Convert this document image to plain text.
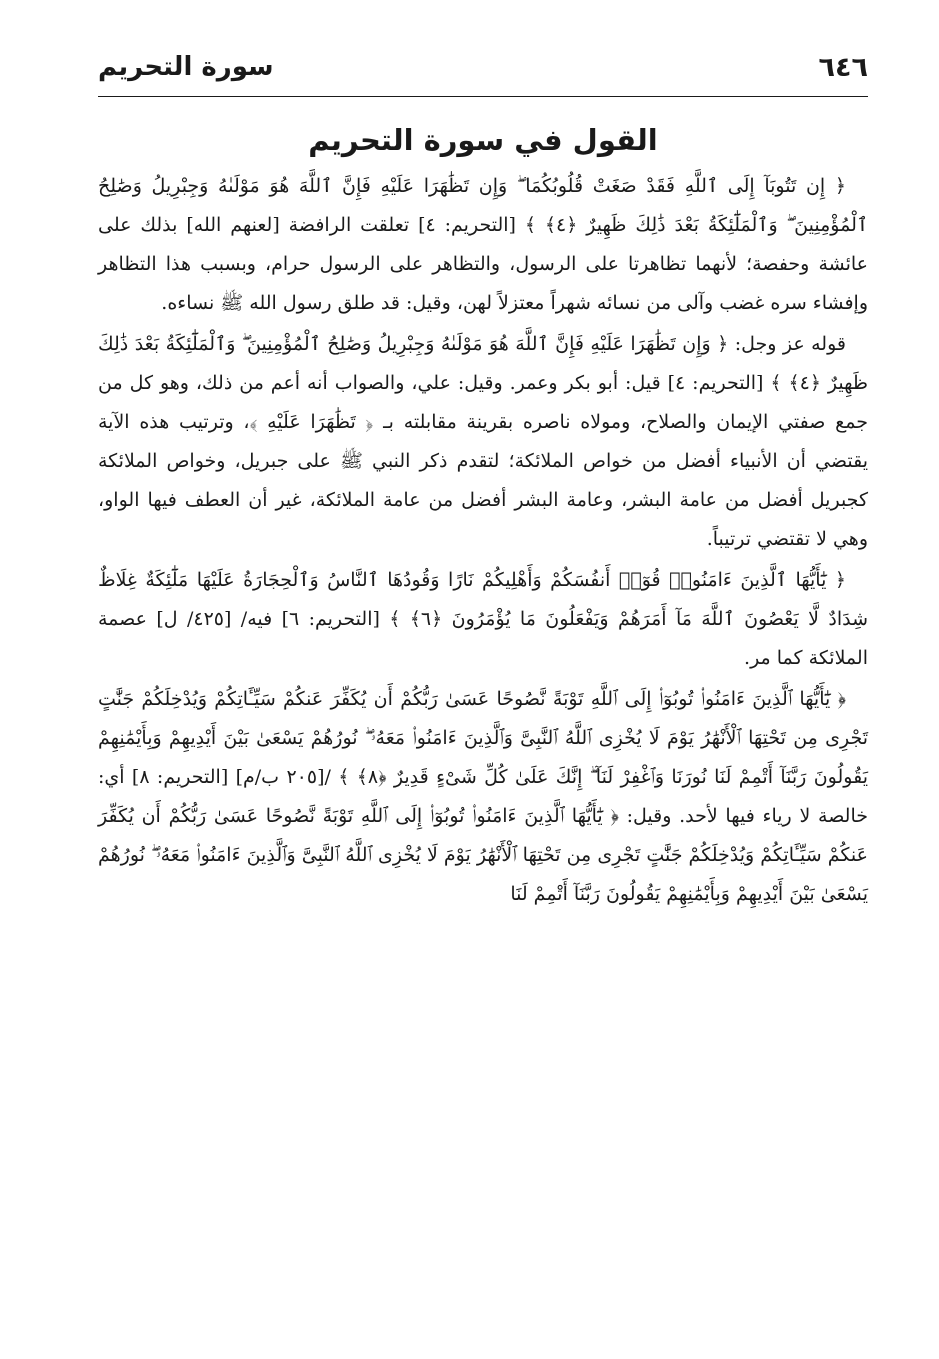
٦٤٦
سورة التحريم
القول في سورة التحريم

﴿ إِن تَتُوبَآ إِلَى ٱللَّهِ فَقَدْ صَغَتْ قُلُوبُكُمَا ۖ وَإِن تَظَٰهَرَا عَلَيْهِ فَإِنَّ ٱللَّهَ هُوَ مَوْلَىٰهُ وَجِبْرِيلُ وَصَٰلِحُ ٱلْمُؤْمِنِينَ ۖ وَٱلْمَلَٰٓئِكَةُ بَعْدَ ذَٰلِكَ ظَهِيرٌ ﴿٤﴾ ﴾ [التحريم: ٤] تعلقت الرافضة [لعنهم الله] بذلك على عائشة وحفصة؛ لأنهما تظاهرتا على الرسول، والتظاهر على الرسول حرام، وبسبب هذا التظاهر وإفشاء سره غضب وآلى من نسائه شهراً معتزلاً لهن، وقيل: قد طلق رسول الله ﷺ نساءه.

قوله عز وجل: ﴿ وَإِن تَظَٰهَرَا عَلَيْهِ فَإِنَّ ٱللَّهَ هُوَ مَوْلَىٰهُ وَجِبْرِيلُ وَصَٰلِحُ ٱلْمُؤْمِنِينَ ۖ وَٱلْمَلَٰٓئِكَةُ بَعْدَ ذَٰلِكَ ظَهِيرٌ ﴿٤﴾ ﴾ [التحريم: ٤] قيل: أبو بكر وعمر. وقيل: علي، والصواب أنه أعم من ذلك، وهو كل من جمع صفتي الإيمان والصلاح، ومولاه ناصره بقرينة مقابلته بـ ﴿ تَظَٰهَرَا عَلَيْهِ ﴾، وترتيب هذه الآية يقتضي أن الأنبياء أفضل من خواص الملائكة؛ لتقدم ذكر النبي ﷺ على جبريل، وخواص الملائكة كجبريل أفضل من عامة البشر، وعامة البشر أفضل من عامة الملائكة، غير أن العطف فيها الواو، وهي لا تقتضي ترتيباً.

﴿ يَٰٓأَيُّهَا ٱلَّذِينَ ءَامَنُوا۟ قُوٓا۟ أَنفُسَكُمْ وَأَهْلِيكُمْ نَارًا وَقُودُهَا ٱلنَّاسُ وَٱلْحِجَارَةُ عَلَيْهَا مَلَٰٓئِكَةٌ غِلَاظٌ شِدَادٌ لَّا يَعْصُونَ ٱللَّهَ مَآ أَمَرَهُمْ وَيَفْعَلُونَ مَا يُؤْمَرُونَ ﴿٦﴾ ﴾ [التحريم: ٦] فيه/ [٤٢٥/ ل] عصمة الملائكة كما مر.

﴿ يَٰٓأَيُّهَا ٱلَّذِينَ ءَامَنُوا۟ تُوبُوٓا۟ إِلَى ٱللَّهِ تَوْبَةً نَّصُوحًا عَسَىٰ رَبُّكُمْ أَن يُكَفِّرَ عَنكُمْ سَيِّـَٔاتِكُمْ وَيُدْخِلَكُمْ جَنَّٰتٍ تَجْرِى مِن تَحْتِهَا ٱلْأَنْهَٰرُ يَوْمَ لَا يُخْزِى ٱللَّهُ ٱلنَّبِىَّ وَٱلَّذِينَ ءَامَنُوا۟ مَعَهُۥ ۖ نُورُهُمْ يَسْعَىٰ بَيْنَ أَيْدِيهِمْ وَبِأَيْمَٰنِهِمْ يَقُولُونَ رَبَّنَآ أَتْمِمْ لَنَا نُورَنَا وَٱغْفِرْ لَنَآ ۖ إِنَّكَ عَلَىٰ كُلِّ شَىْءٍ قَدِيرٌ ﴿٨﴾ ﴾ /[٢٠٥ ب/م] [التحريم: ٨] أي: خالصة لا رياء فيها لأحد. وقيل: ﴿ يَٰٓأَيُّهَا ٱلَّذِينَ ءَامَنُوا۟ تُوبُوٓا۟ إِلَى ٱللَّهِ تَوْبَةً نَّصُوحًا عَسَىٰ رَبُّكُمْ أَن يُكَفِّرَ عَنكُمْ سَيِّـَٔاتِكُمْ وَيُدْخِلَكُمْ جَنَّٰتٍ تَجْرِى مِن تَحْتِهَا ٱلْأَنْهَٰرُ يَوْمَ لَا يُخْزِى ٱللَّهُ ٱلنَّبِىَّ وَٱلَّذِينَ ءَامَنُوا۟ مَعَهُۥ ۖ نُورُهُمْ يَسْعَىٰ بَيْنَ أَيْدِيهِمْ وَبِأَيْمَٰنِهِمْ يَقُولُونَ رَبَّنَآ أَتْمِمْ لَنَا
